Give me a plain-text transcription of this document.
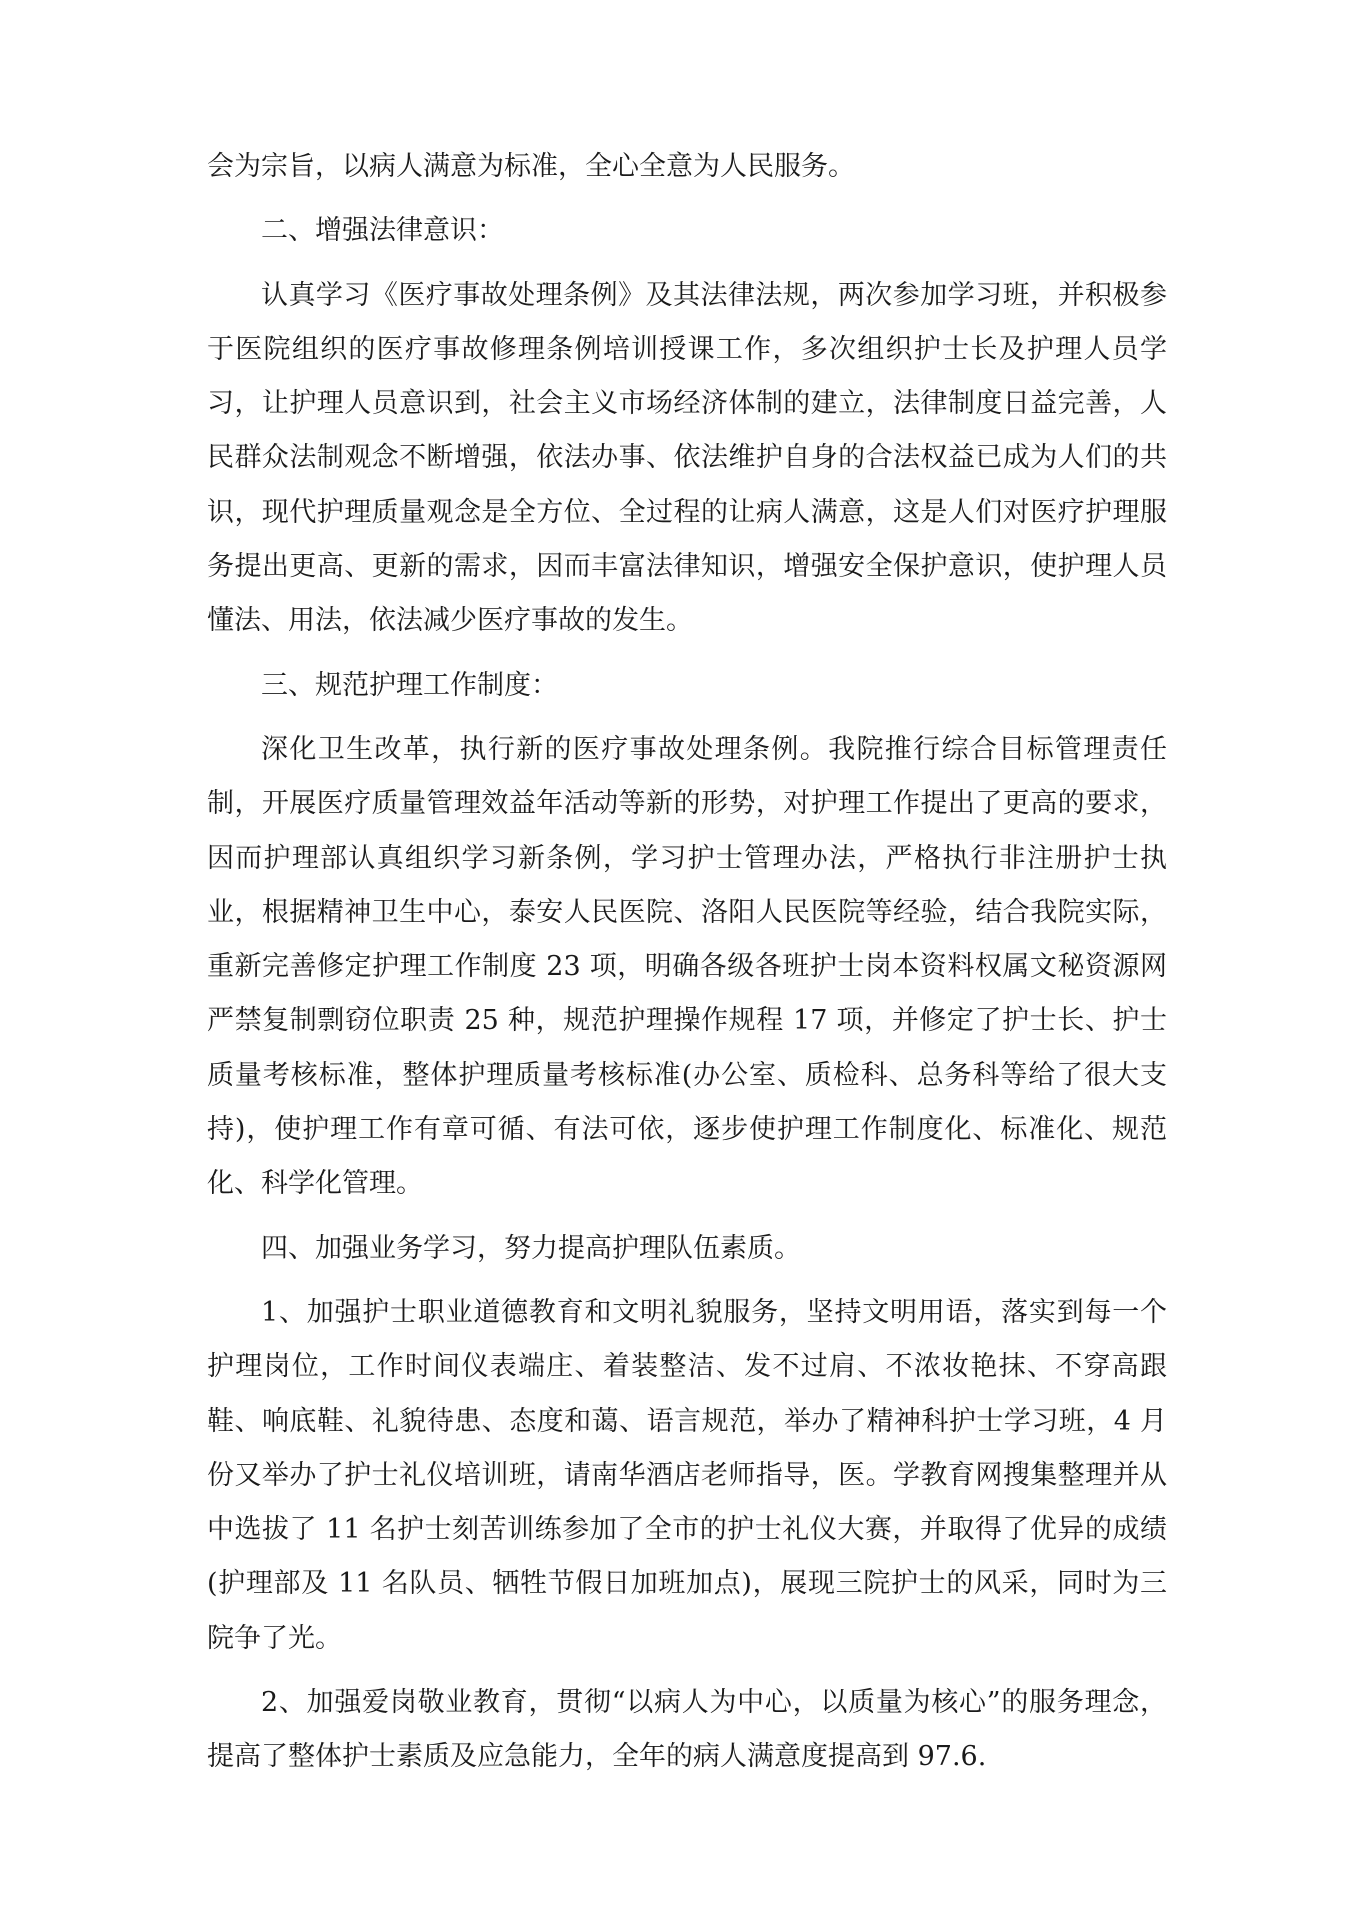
会为宗旨，以病人满意为标准，全心全意为人民服务。

二、增强法律意识：

认真学习《医疗事故处理条例》及其法律法规，两次参加学习班，并积极参于医院组织的医疗事故修理条例培训授课工作，多次组织护士长及护理人员学习，让护理人员意识到，社会主义市场经济体制的建立，法律制度日益完善，人民群众法制观念不断增强，依法办事、依法维护自身的合法权益已成为人们的共识，现代护理质量观念是全方位、全过程的让病人满意，这是人们对医疗护理服务提出更高、更新的需求，因而丰富法律知识，增强安全保护意识，使护理人员懂法、用法，依法减少医疗事故的发生。

三、规范护理工作制度：

深化卫生改革，执行新的医疗事故处理条例。我院推行综合目标管理责任制，开展医疗质量管理效益年活动等新的形势，对护理工作提出了更高的要求，因而护理部认真组织学习新条例，学习护士管理办法，严格执行非注册护士执业，根据精神卫生中心，泰安人民医院、洛阳人民医院等经验，结合我院实际，重新完善修定护理工作制度 23 项，明确各级各班护士岗本资料权属文秘资源网严禁复制剽窃位职责 25 种，规范护理操作规程 17 项，并修定了护士长、护士质量考核标准，整体护理质量考核标准(办公室、质检科、总务科等给了很大支持)，使护理工作有章可循、有法可依，逐步使护理工作制度化、标准化、规范化、科学化管理。

四、加强业务学习，努力提高护理队伍素质。

1、加强护士职业道德教育和文明礼貌服务，坚持文明用语，落实到每一个护理岗位，工作时间仪表端庄、着装整洁、发不过肩、不浓妆艳抹、不穿高跟鞋、响底鞋、礼貌待患、态度和蔼、语言规范，举办了精神科护士学习班，4 月份又举办了护士礼仪培训班，请南华酒店老师指导，医。学教育网搜集整理并从中选拔了 11 名护士刻苦训练参加了全市的护士礼仪大赛，并取得了优异的成绩(护理部及 11 名队员、牺牲节假日加班加点)，展现三院护士的风采，同时为三院争了光。

2、加强爱岗敬业教育，贯彻“以病人为中心，以质量为核心”的服务理念，提高了整体护士素质及应急能力，全年的病人满意度提高到 97.6.
